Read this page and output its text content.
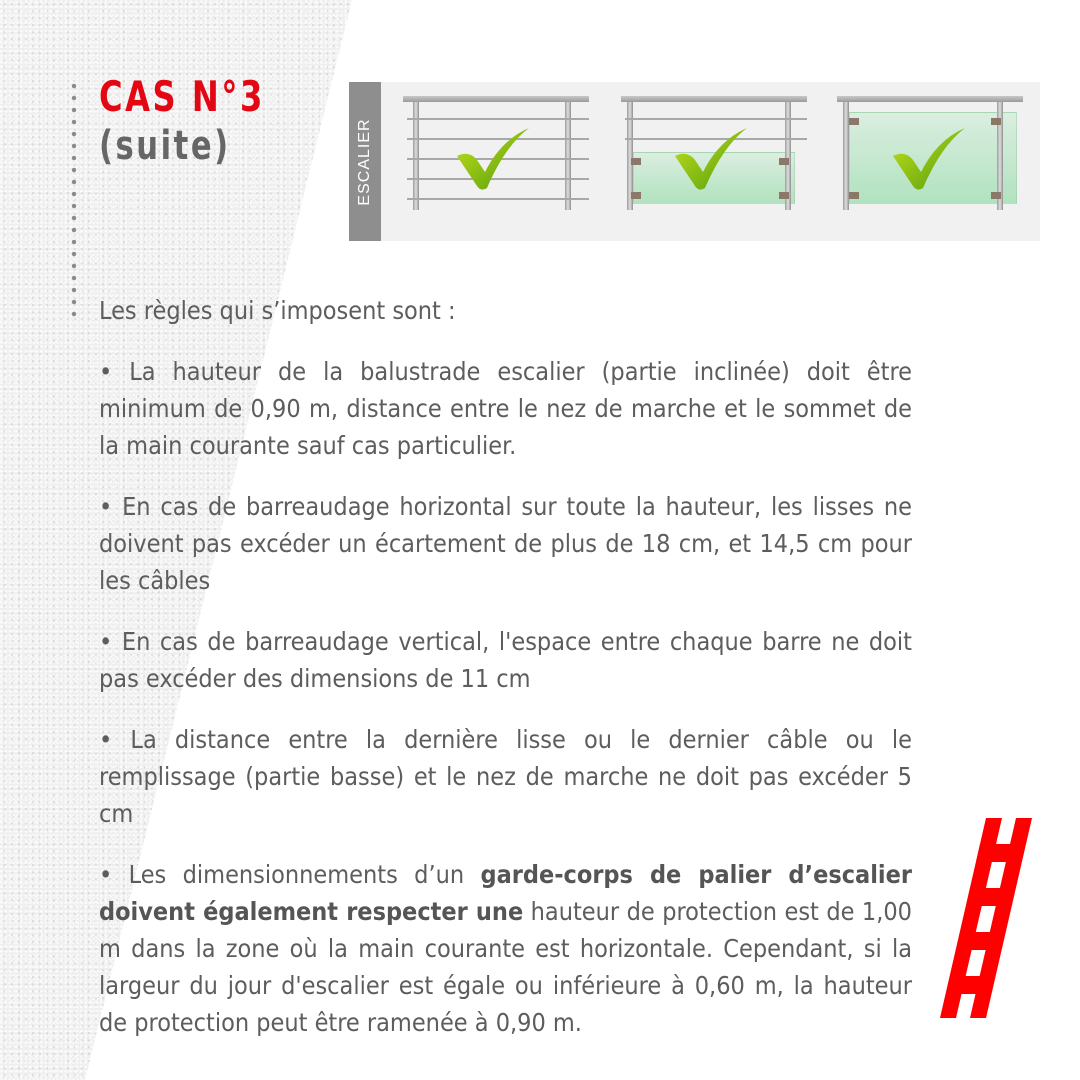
CAS N°3
(suite)	ESCALIER

Les règles qui s’imposent sont :

• La hauteur de la balustrade escalier (partie inclinée) doit être minimum de 0,90 m, distance entre le nez de marche et le sommet de la main courante sauf cas particulier.

• En cas de barreaudage horizontal sur toute la hauteur, les lisses ne doivent pas excéder un écartement de plus de 18 cm, et 14,5 cm pour les câbles

• En cas de barreaudage vertical, l'espace entre chaque barre ne doit pas excéder des dimensions de 11 cm

• La distance entre la dernière lisse ou le dernier câble ou le remplissage (partie basse) et le nez de marche ne doit pas excéder 5 cm

• Les dimensionnements d’un garde-corps de palier d’escalier doivent également respecter une hauteur de protection est de 1,00 m dans la zone où la main courante est horizontale. Cependant, si la largeur du jour d'escalier est égale ou inférieure à 0,60 m, la hauteur de protection peut être ramenée à 0,90 m.
